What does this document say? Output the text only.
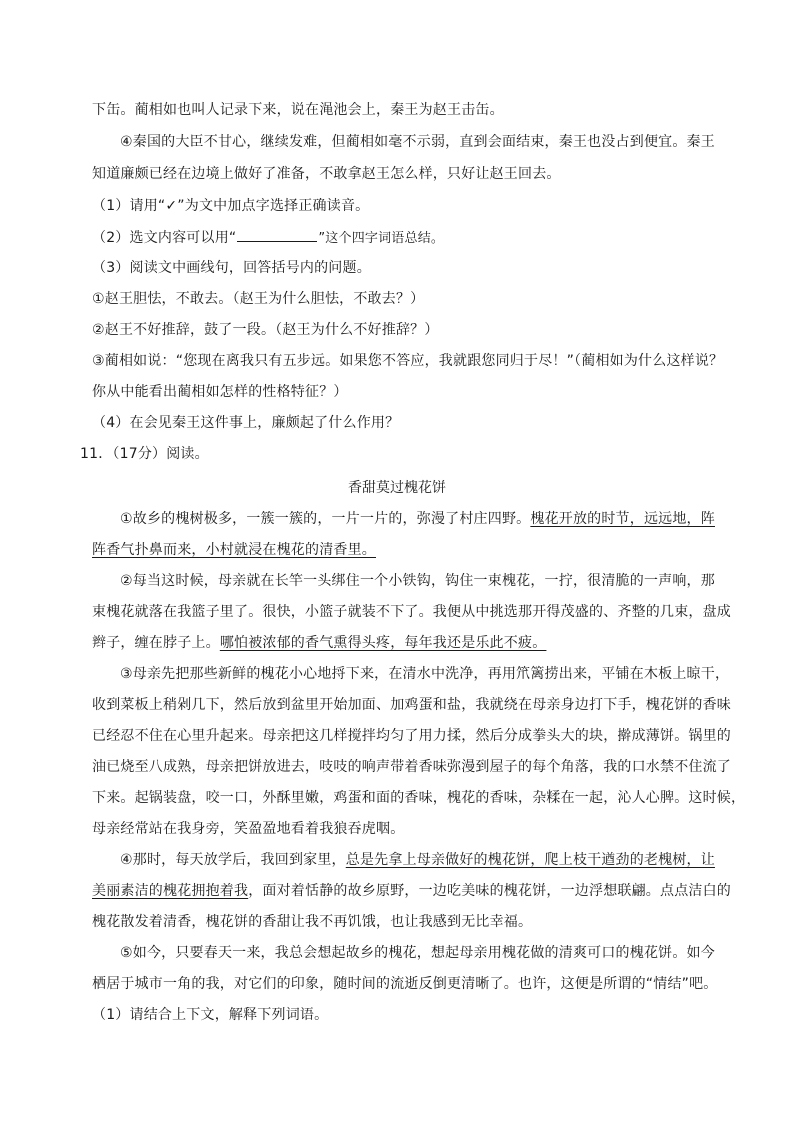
下缶。蔺相如也叫人记录下来，说在渑池会上，秦王为赵王击缶。
④秦国的大臣不甘心，继续发难，但蔺相如毫不示弱，直到会面结束，秦王也没占到便宜。秦王
知道廉颇已经在边境上做好了准备，不敢拿赵王怎么样，只好让赵王回去。
（1）请用“✓”为文中加点字选择正确读音。
（2）选文内容可以用“	”这个四字词语总结。
（3）阅读文中画线句，回答括号内的问题。
①赵王胆怯，不敢去。（赵王为什么胆怯，不敢去？）
②赵王不好推辞，鼓了一段。（赵王为什么不好推辞？）
③蔺相如说：“您现在离我只有五步远。如果您不答应，我就跟您同归于尽！”（蔺相如为什么这样说？
你从中能看出蔺相如怎样的性格特征？）
（4）在会见秦王这件事上，廉颇起了什么作用？
11．（17分）阅读。
香甜莫过槐花饼
①故乡的槐树极多，一簇一簇的，一片一片的，弥漫了村庄四野。槐花开放的时节，远远地，阵
阵香气扑鼻而来，小村就浸在槐花的清香里。
②每当这时候，母亲就在长竿一头绑住一个小铁钩，钩住一束槐花，一拧，很清脆的一声响，那
束槐花就落在我篮子里了。很快，小篮子就装不下了。我便从中挑选那开得茂盛的、齐整的几束，盘成
辫子，缠在脖子上。哪怕被浓郁的香气熏得头疼，每年我还是乐此不疲。
③母亲先把那些新鲜的槐花小心地捋下来，在清水中洗净，再用笊篱捞出来，平铺在木板上晾干，
收到菜板上稍剁几下，然后放到盆里开始加面、加鸡蛋和盐，我就绕在母亲身边打下手，槐花饼的香味
已经忍不住在心里升起来。母亲把这几样搅拌均匀了用力揉，然后分成拳头大的块，擀成薄饼。锅里的
油已烧至八成熟，母亲把饼放进去，吱吱的响声带着香味弥漫到屋子的每个角落，我的口水禁不住流了
下来。起锅装盘，咬一口，外酥里嫩，鸡蛋和面的香味，槐花的香味，杂糅在一起，沁人心脾。这时候，
母亲经常站在我身旁，笑盈盈地看着我狼吞虎咽。
④那时，每天放学后，我回到家里，总是先拿上母亲做好的槐花饼，爬上枝干遒劲的老槐树，让
美丽素洁的槐花拥抱着我，面对着恬静的故乡原野，一边吃美味的槐花饼，一边浮想联翩。点点洁白的
槐花散发着清香，槐花饼的香甜让我不再饥饿，也让我感到无比幸福。
⑤如今，只要春天一来，我总会想起故乡的槐花，想起母亲用槐花做的清爽可口的槐花饼。如今
栖居于城市一角的我，对它们的印象，随时间的流逝反倒更清晰了。也许，这便是所谓的“情结”吧。
（1）请结合上下文，解释下列词语。
